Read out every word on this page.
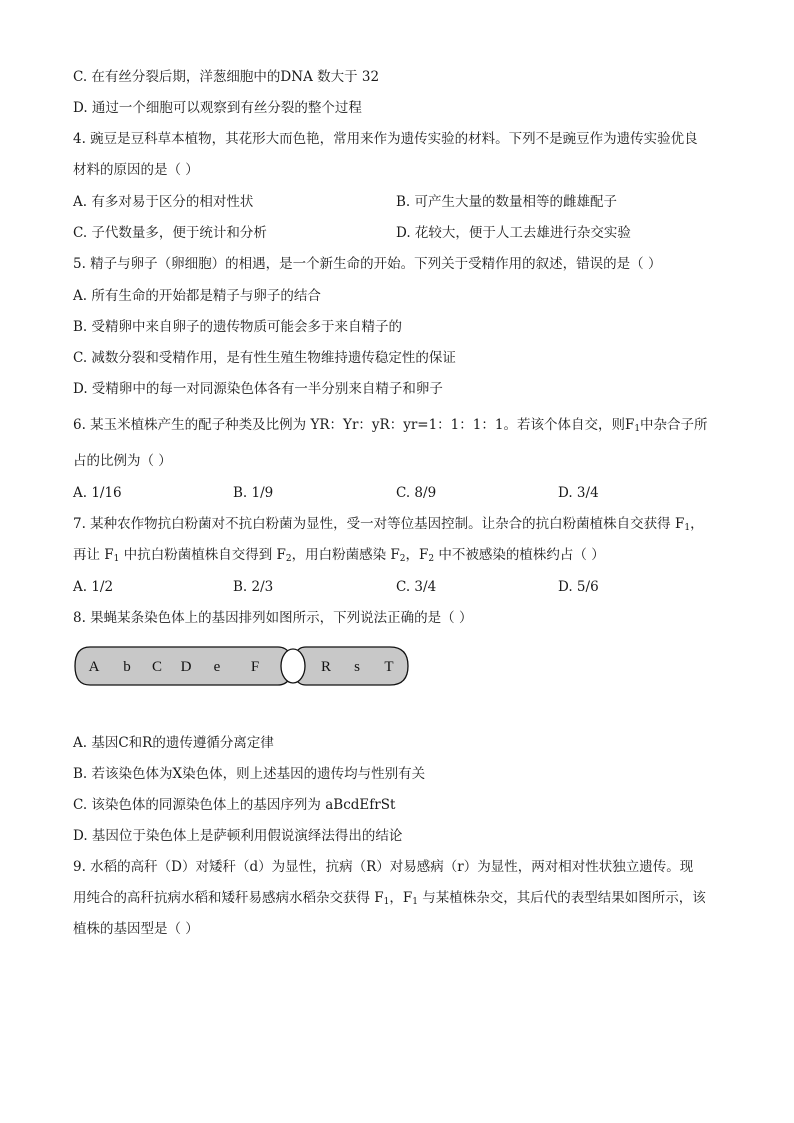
C. 在有丝分裂后期，洋葱细胞中的DNA 数大于 32
D. 通过一个细胞可以观察到有丝分裂的整个过程
4. 豌豆是豆科草本植物，其花形大而色艳，常用来作为遗传实验的材料。下列不是豌豆作为遗传实验优良
材料的原因的是（ ）
A. 有多对易于区分的相对性状	B. 可产生大量的数量相等的雌雄配子
C. 子代数量多，便于统计和分析	D. 花较大，便于人工去雄进行杂交实验
5. 精子与卵子（卵细胞）的相遇，是一个新生命的开始。下列关于受精作用的叙述，错误的是（ ）
A. 所有生命的开始都是精子与卵子的结合
B. 受精卵中来自卵子的遗传物质可能会多于来自精子的
C. 减数分裂和受精作用，是有性生殖生物维持遗传稳定性的保证
D. 受精卵中的每一对同源染色体各有一半分别来自精子和卵子
6. 某玉米植株产生的配子种类及比例为 YR：Yr：yR：yr=1：1：1：1。若该个体自交，则$F_1$中杂合子所
占的比例为（ ）
A. 1/16	B. 1/9	C. 8/9	D. 3/4
7. 某种农作物抗白粉菌对不抗白粉菌为显性，受一对等位基因控制。让杂合的抗白粉菌植株自交获得 $F_1$，
再让 $F_1$ 中抗白粉菌植株自交得到 $F_2$，用白粉菌感染 $F_2$，$F_2$ 中不被感染的植株约占（ ）
A. 1/2	B. 2/3	C. 3/4	D. 5/6
8. 果蝇某条染色体上的基因排列如图所示，下列说法正确的是（ ）
A b C D e F	R s T
A. 基因C和R的遗传遵循分离定律
B. 若该染色体为X染色体，则上述基因的遗传均与性别有关
C. 该染色体的同源染色体上的基因序列为 aBcdEfrSt
D. 基因位于染色体上是萨顿利用假说演绎法得出的结论
9. 水稻的高秆（D）对矮秆（d）为显性，抗病（R）对易感病（r）为显性，两对相对性状独立遗传。现
用纯合的高秆抗病水稻和矮秆易感病水稻杂交获得 $F_1$，$F_1$ 与某植株杂交，其后代的表型结果如图所示，该
植株的基因型是（ ）
